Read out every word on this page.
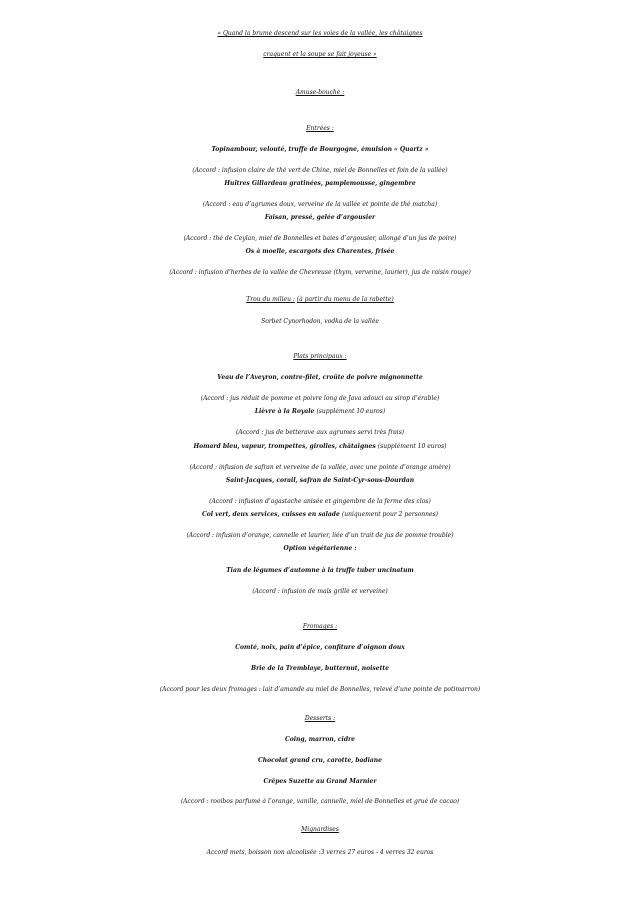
« Quand la brume descend sur les voies de la vallée, les châtaignes
craquent et la soupe se fait joyeuse »
Amuse-bouche :
Entrées :
Topinambour, velouté, truffe de Bourgogne, émulsion « Quartz »
(Accord : infusion claire de thé vert de Chine, miel de Bonnelles et foin de la vallée)
Huîtres Gillardeau gratinées, pamplemousse, gingembre
(Accord : eau d’agrumes doux, verveine de la vallée et pointe de thé matcha)
Faisan, pressé, gelée d’argousier
(Accord : thé de Ceylan, miel de Bonnelles et baies d’argousier, allongé d’un jus de poire)
Os à moelle, escargots des Charentes, frisée
(Accord : infusion d’herbes de la vallée de Chevreuse (thym, verveine, laurier), jus de raisin rouge)
Trou du milieu : (à partir du menu de la rabette)
Sorbet Cynorhodon, vodka de la vallée
Plats principaux :
Veau de l’Aveyron, contre-filet, croûte de poivre mignonnette
(Accord : jus réduit de pomme et poivre long de Java adouci au sirop d’érable)
Lièvre à la Royale (supplément 10 euros)
(Accord : jus de betterave aux agrumes servi très frais)
Homard bleu, vapeur, trompettes, girolles, châtaignes (supplément 10 euros)
(Accord : infusion de safran et verveine de la vallée, avec une pointe d’orange amère)
Saint-Jacques, corail, safran de Saint-Cyr-sous-Dourdan
(Accord : infusion d’agastache anisée et gingembre de la ferme des clos)
Col vert, deux services, cuisses en salade (uniquement pour 2 personnes)
(Accord : infusion d’orange, cannelle et laurier, liée d’un trait de jus de pomme trouble)
Option végétarienne :
Tian de légumes d’automne à la truffe tuber uncinatum
(Accord : infusion de maïs grillé et verveine)
Fromages :
Comté, noix, pain d’épice, confiture d’oignon doux
Brie de la Tremblaye, butternut, noisette
(Accord pour les deux fromages : lait d’amande au miel de Bonnelles, relevé d’une pointe de potimarron)
Desserts :
Coing, marron, cidre
Chocolat grand cru, carotte, badiane
Crêpes Suzette au Grand Marnier
(Accord : rooibos parfumé à l’orange, vanille, cannelle, miel de Bonnelles et grué de cacao)
Mignardises
Accord mets, boisson non alcoolisée :3 verres 27 euros - 4 verres 32 euros
